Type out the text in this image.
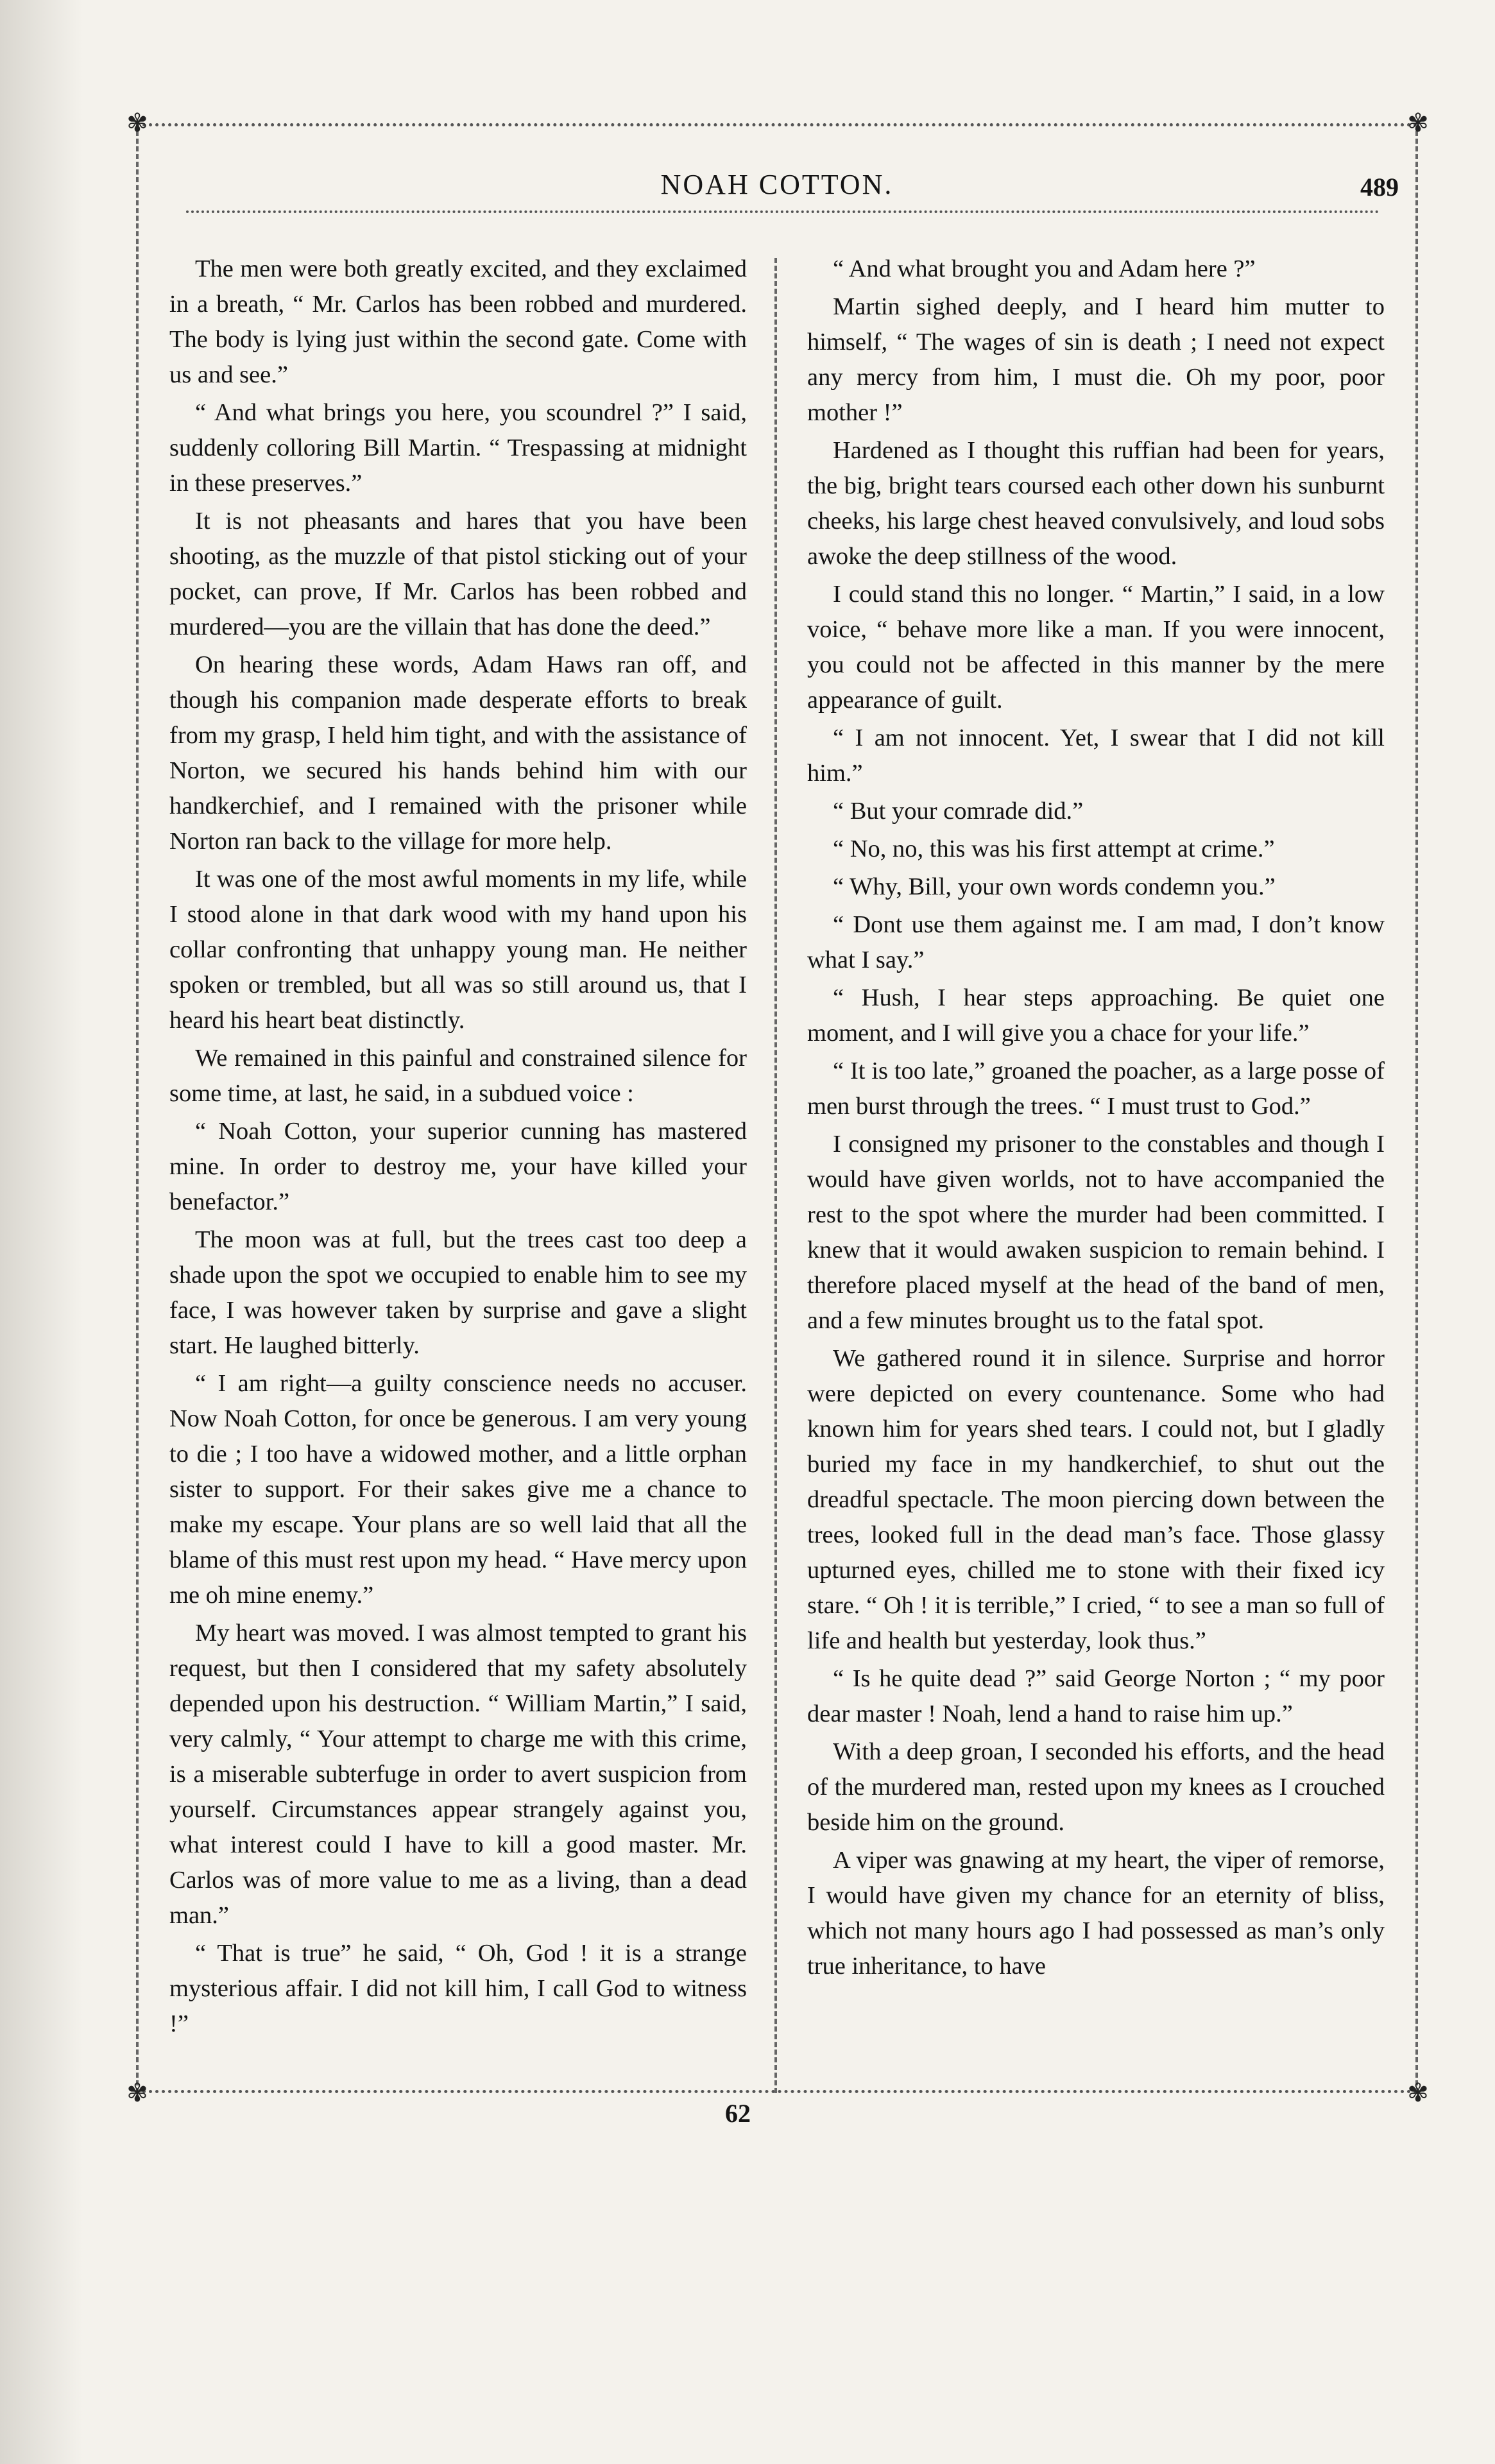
✾	✾
✾	✾
NOAH COTTON.	489

The men were both greatly excited, and they exclaimed in a breath, “ Mr. Carlos has been robbed and murdered. The body is lying just within the second gate. Come with us and see.”

“ And what brings you here, you scoundrel ?” I said, suddenly colloring Bill Martin. “ Trespassing at midnight in these preserves.”

It is not pheasants and hares that you have been shooting, as the muzzle of that pistol sticking out of your pocket, can prove, If Mr. Carlos has been robbed and murdered—you are the villain that has done the deed.”

On hearing these words, Adam Haws ran off, and though his companion made desperate efforts to break from my grasp, I held him tight, and with the assistance of Norton, we secured his hands behind him with our handkerchief, and I remained with the prisoner while Norton ran back to the village for more help.

It was one of the most awful moments in my life, while I stood alone in that dark wood with my hand upon his collar confronting that unhappy young man. He neither spoken or trembled, but all was so still around us, that I heard his heart beat distinctly.

We remained in this painful and constrained silence for some time, at last, he said, in a subdued voice :

“ Noah Cotton, your superior cunning has mastered mine. In order to destroy me, your have killed your benefactor.”

The moon was at full, but the trees cast too deep a shade upon the spot we occupied to enable him to see my face, I was however taken by surprise and gave a slight start. He laughed bitterly.

“ I am right—a guilty conscience needs no accuser. Now Noah Cotton, for once be generous. I am very young to die ; I too have a widowed mother, and a little orphan sister to support. For their sakes give me a chance to make my escape. Your plans are so well laid that all the blame of this must rest upon my head. “ Have mercy upon me oh mine enemy.”

My heart was moved. I was almost tempted to grant his request, but then I considered that my safety absolutely depended upon his destruction. “ William Martin,” I said, very calmly, “ Your attempt to charge me with this crime, is a miserable subterfuge in order to avert suspicion from yourself. Circumstances appear strangely against you, what interest could I have to kill a good master. Mr. Carlos was of more value to me as a living, than a dead man.”

“ That is true” he said, “ Oh, God ! it is a strange mysterious affair. I did not kill him, I call God to witness !”

“ And what brought you and Adam here ?”

Martin sighed deeply, and I heard him mutter to himself, “ The wages of sin is death ; I need not expect any mercy from him, I must die. Oh my poor, poor mother !”

Hardened as I thought this ruffian had been for years, the big, bright tears coursed each other down his sunburnt cheeks, his large chest heaved convulsively, and loud sobs awoke the deep stillness of the wood.

I could stand this no longer. “ Martin,” I said, in a low voice, “ behave more like a man. If you were innocent, you could not be affected in this manner by the mere appearance of guilt.

“ I am not innocent. Yet, I swear that I did not kill him.”

“ But your comrade did.”

“ No, no, this was his first attempt at crime.”

“ Why, Bill, your own words condemn you.”

“ Dont use them against me. I am mad, I don’t know what I say.”

“ Hush, I hear steps approaching. Be quiet one moment, and I will give you a chace for your life.”

“ It is too late,” groaned the poacher, as a large posse of men burst through the trees. “ I must trust to God.”

I consigned my prisoner to the constables and though I would have given worlds, not to have accompanied the rest to the spot where the murder had been committed. I knew that it would awaken suspicion to remain behind. I therefore placed myself at the head of the band of men, and a few minutes brought us to the fatal spot.

We gathered round it in silence. Surprise and horror were depicted on every countenance. Some who had known him for years shed tears. I could not, but I gladly buried my face in my handkerchief, to shut out the dreadful spectacle. The moon piercing down between the trees, looked full in the dead man’s face. Those glassy upturned eyes, chilled me to stone with their fixed icy stare. “ Oh ! it is terrible,” I cried, “ to see a man so full of life and health but yesterday, look thus.”

“ Is he quite dead ?” said George Norton ; “ my poor dear master ! Noah, lend a hand to raise him up.”

With a deep groan, I seconded his efforts, and the head of the murdered man, rested upon my knees as I crouched beside him on the ground.

A viper was gnawing at my heart, the viper of remorse, I would have given my chance for an eternity of bliss, which not many hours ago I had possessed as man’s only true inheritance, to have

62
